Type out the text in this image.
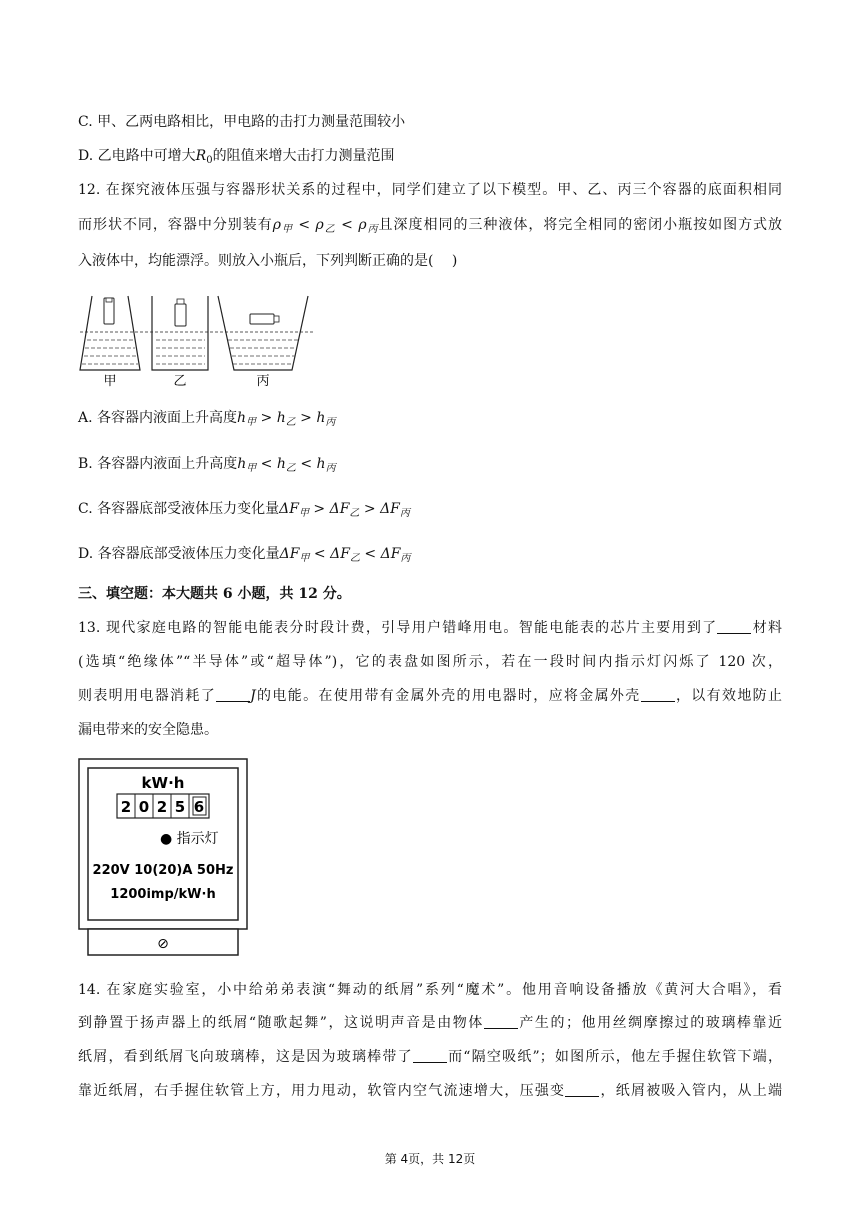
C. 甲、乙两电路相比，甲电路的击打力测量范围较小
D. 乙电路中可增大$R_0$的阻值来增大击打力测量范围
12. 在探究液体压强与容器形状关系的过程中，同学们建立了以下模型。甲、乙、丙三个容器的底面积相同
而形状不同，容器中分别装有$\rho_甲 < \rho_乙 < \rho_丙$且深度相同的三种液体，将完全相同的密闭小瓶按如图方式放
入液体中，均能漂浮。则放入小瓶后，下列判断正确的是(　 )
甲	乙	丙
A. 各容器内液面上升高度$h_甲 > h_乙 > h_丙$
B. 各容器内液面上升高度$h_甲 < h_乙 < h_丙$
C. 各容器底部受液体压力变化量$\Delta F_甲 > \Delta F_乙 > \Delta F_丙$
D. 各容器底部受液体压力变化量$\Delta F_甲 < \Delta F_乙 < \Delta F_丙$
三、填空题：本大题共 6 小题，共 12 分。
13. 现代家庭电路的智能电能表分时段计费，引导用户错峰用电。智能电能表的芯片主要用到了 材料
(选填“绝缘体”“半导体”或“超导体”)，它的表盘如图所示，若在一段时间内指示灯闪烁了 120 次，
则表明用电器消耗了 J的电能。在使用带有金属外壳的用电器时，应将金属外壳 ，以有效地防止
漏电带来的安全隐患。
kW·h
2 0 2 5 6
● 指示灯
220V 10(20)A 50Hz
1200imp/kW·h
⊘
14. 在家庭实验室，小中给弟弟表演“舞动的纸屑”系列“魔术”。他用音响设备播放《黄河大合唱》，看
到静置于扬声器上的纸屑“随歌起舞”，这说明声音是由物体 产生的；他用丝绸摩擦过的玻璃棒靠近
纸屑，看到纸屑飞向玻璃棒，这是因为玻璃棒带了 而“隔空吸纸”；如图所示，他左手握住软管下端，
靠近纸屑，右手握住软管上方，用力甩动，软管内空气流速增大，压强变 ，纸屑被吸入管内，从上端
第 4页，共 12页
